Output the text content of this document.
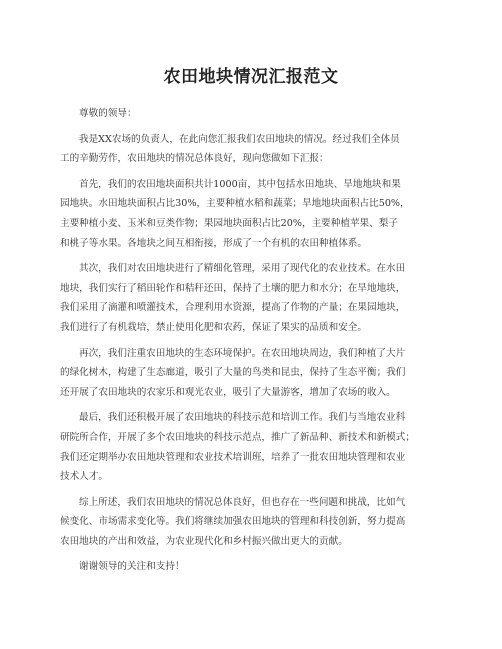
农田地块情况汇报范文

尊敬的领导：

我是XX农场的负责人，在此向您汇报我们农田地块的情况。经过我们全体员
工的辛勤劳作，农田地块的情况总体良好，现向您做如下汇报：

首先，我们的农田地块面积共计1000亩，其中包括水田地块、旱地地块和果
园地块。水田地块面积占比30%，主要种植水稻和蔬菜；旱地地块面积占比50%，
主要种植小麦、玉米和豆类作物；果园地块面积占比20%，主要种植苹果、梨子
和桃子等水果。各地块之间互相衔接，形成了一个有机的农田种植体系。

其次，我们对农田地块进行了精细化管理，采用了现代化的农业技术。在水田
地块，我们实行了稻田轮作和秸秆还田，保持了土壤的肥力和水分；在旱地地块，
我们采用了滴灌和喷灌技术，合理利用水资源，提高了作物的产量；在果园地块，
我们进行了有机栽培，禁止使用化肥和农药，保证了果实的品质和安全。

再次，我们注重农田地块的生态环境保护。在农田地块周边，我们种植了大片
的绿化树木，构建了生态廊道，吸引了大量的鸟类和昆虫，保持了生态平衡；我们
还开展了农田地块的农家乐和观光农业，吸引了大量游客，增加了农场的收入。

最后，我们还积极开展了农田地块的科技示范和培训工作。我们与当地农业科
研院所合作，开展了多个农田地块的科技示范点，推广了新品种、新技术和新模式；
我们还定期举办农田地块管理和农业技术培训班，培养了一批农田地块管理和农业
技术人才。

综上所述，我们农田地块的情况总体良好，但也存在一些问题和挑战，比如气
候变化、市场需求变化等。我们将继续加强农田地块的管理和科技创新，努力提高
农田地块的产出和效益，为农业现代化和乡村振兴做出更大的贡献。

谢谢领导的关注和支持！
